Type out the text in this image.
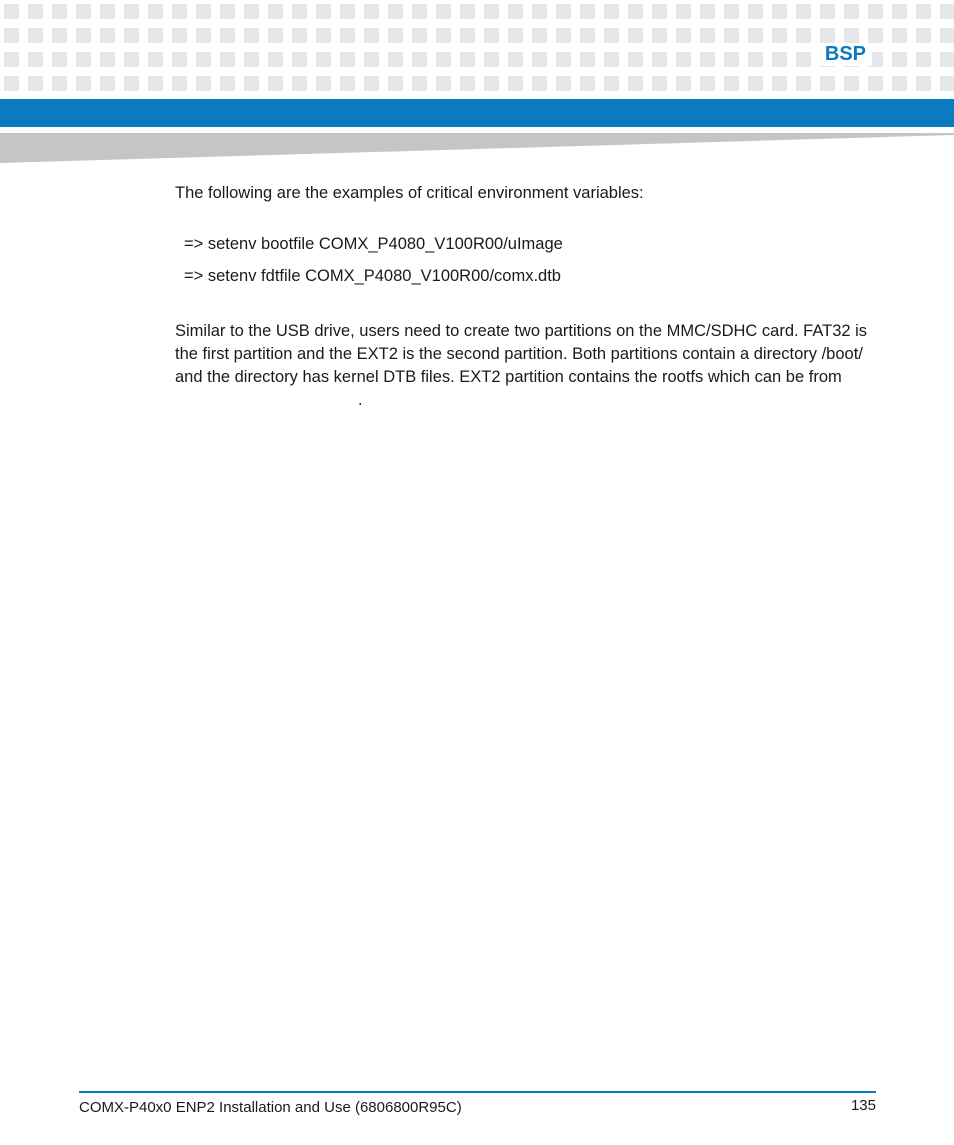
BSP
The following are the examples of critical environment variables:
=> setenv bootfile COMX_P4080_V100R00/uImage
=> setenv fdtfile COMX_P4080_V100R00/comx.dtb
Similar to the USB drive, users need to create two partitions on the MMC/SDHC card. FAT32 is the first partition and the EXT2 is the second partition. Both partitions contain a directory /boot/ and the directory has kernel DTB files. EXT2 partition contains the rootfs which can be from.
COMX-P40x0 ENP2 Installation and Use (6806800R95C)	135
